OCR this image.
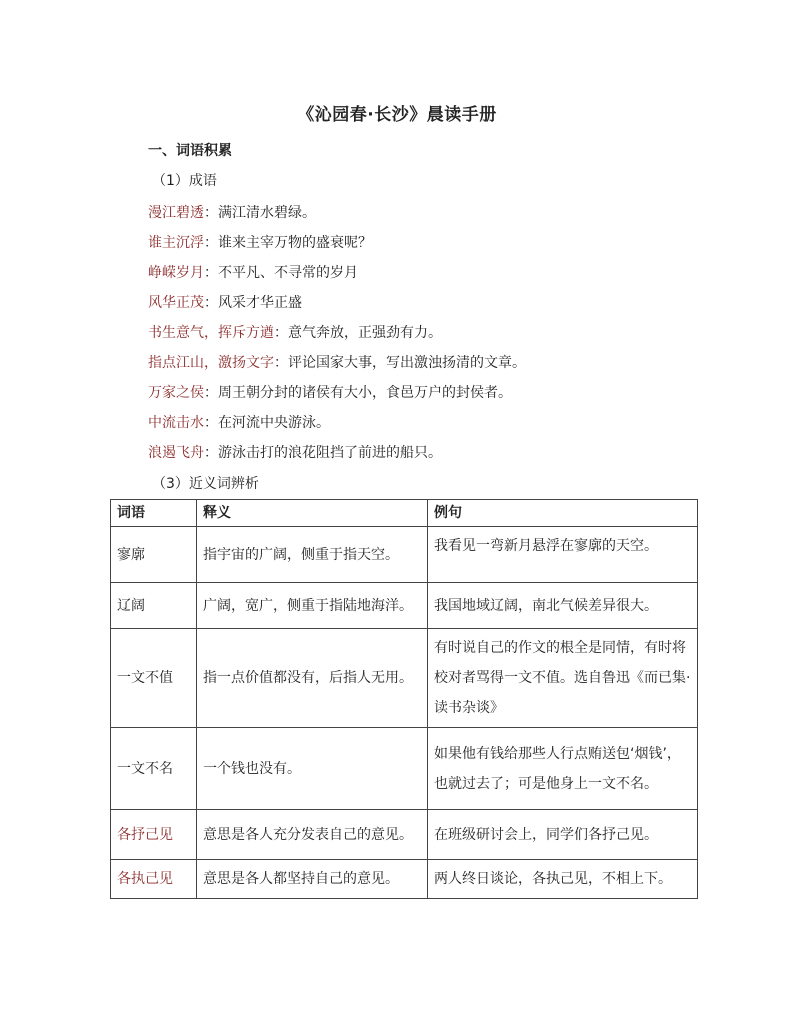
《沁园春·长沙》晨读手册
一、词语积累
（1）成语
漫江碧透：满江清水碧绿。
谁主沉浮：谁来主宰万物的盛衰呢？
峥嵘岁月：不平凡、不寻常的岁月
风华正茂：风采才华正盛
书生意气，挥斥方遒：意气奔放，正强劲有力。
指点江山，激扬文字：评论国家大事，写出激浊扬清的文章。
万家之侯：周王朝分封的诸侯有大小，食邑万户的封侯者。
中流击水：在河流中央游泳。
浪遏飞舟：游泳击打的浪花阻挡了前进的船只。
（3）近义词辨析
词语	释义	例句
寥廓	指宇宙的广阔，侧重于指天空。	我看见一弯新月悬浮在寥廓的天空。
辽阔	广阔，宽广，侧重于指陆地海洋。	我国地域辽阔，南北气候差异很大。
一文不值	指一点价值都没有，后指人无用。	有时说自己的作文的根全是同情，有时将校对者骂得一文不值。选自鲁迅《而已集·读书杂谈》
一文不名	一个钱也没有。	如果他有钱给那些人行点贿送包‘烟钱’，也就过去了；可是他身上一文不名。
各抒己见	意思是各人充分发表自己的意见。	在班级研讨会上，同学们各抒己见。
各执己见	意思是各人都坚持自己的意见。	两人终日谈论，各执己见，不相上下。
